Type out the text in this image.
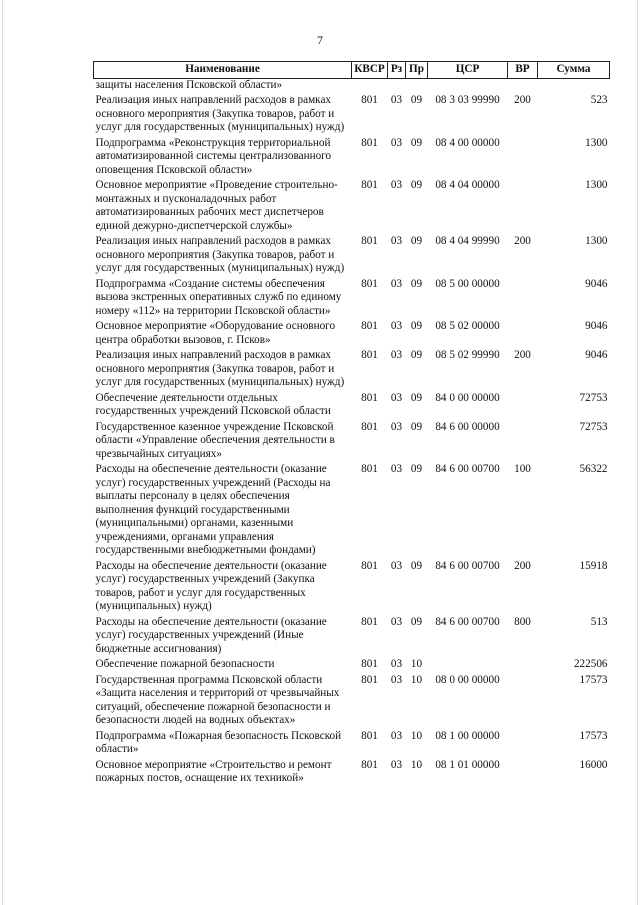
7
Наименование	КВСР	Рз	Пр	ЦСР	ВР	Сумма
защиты населения Псковской области»						
Реализация иных направлений расходов в рамках основного мероприятия (Закупка товаров, работ и услуг для государственных (муниципальных) нужд)	801	03	09	08 3 03 99990	200	523
Подпрограмма «Реконструкция территориальной автоматизированной системы централизованного оповещения Псковской области»	801	03	09	08 4 00 00000		1300
Основное мероприятие «Проведение строительно-монтажных и пусконаладочных работ автоматизированных рабочих мест диспетчеров единой дежурно-диспетчерской службы»	801	03	09	08 4 04 00000		1300
Реализация иных направлений расходов в рамках основного мероприятия (Закупка товаров, работ и услуг для государственных (муниципальных) нужд)	801	03	09	08 4 04 99990	200	1300
Подпрограмма «Создание системы обеспечения вызова экстренных оперативных служб по единому номеру «112» на территории Псковской области»	801	03	09	08 5 00 00000		9046
Основное мероприятие «Оборудование основного центра обработки вызовов, г. Псков»	801	03	09	08 5 02 00000		9046
Реализация иных направлений расходов в рамках основного мероприятия (Закупка товаров, работ и услуг для государственных (муниципальных) нужд)	801	03	09	08 5 02 99990	200	9046
Обеспечение деятельности отдельных государственных учреждений Псковской области	801	03	09	84 0 00 00000		72753
Государственное казенное учреждение Псковской области «Управление обеспечения деятельности в чрезвычайных ситуациях»	801	03	09	84 6 00 00000		72753
Расходы на обеспечение деятельности (оказание услуг) государственных учреждений (Расходы на выплаты персоналу в целях обеспечения выполнения функций государственными (муниципальными) органами, казенными учреждениями, органами управления государственными внебюджетными фондами)	801	03	09	84 6 00 00700	100	56322
Расходы на обеспечение деятельности (оказание услуг) государственных учреждений (Закупка товаров, работ и услуг для государственных (муниципальных) нужд)	801	03	09	84 6 00 00700	200	15918
Расходы на обеспечение деятельности (оказание услуг) государственных учреждений (Иные бюджетные ассигнования)	801	03	09	84 6 00 00700	800	513
Обеспечение пожарной безопасности	801	03	10			222506
Государственная программа Псковской области «Защита населения и территорий от чрезвычайных ситуаций, обеспечение пожарной безопасности и безопасности людей на водных объектах»	801	03	10	08 0 00 00000		17573
Подпрограмма «Пожарная безопасность Псковской области»	801	03	10	08 1 00 00000		17573
Основное мероприятие «Строительство и ремонт пожарных постов, оснащение их техникой»	801	03	10	08 1 01 00000		16000
